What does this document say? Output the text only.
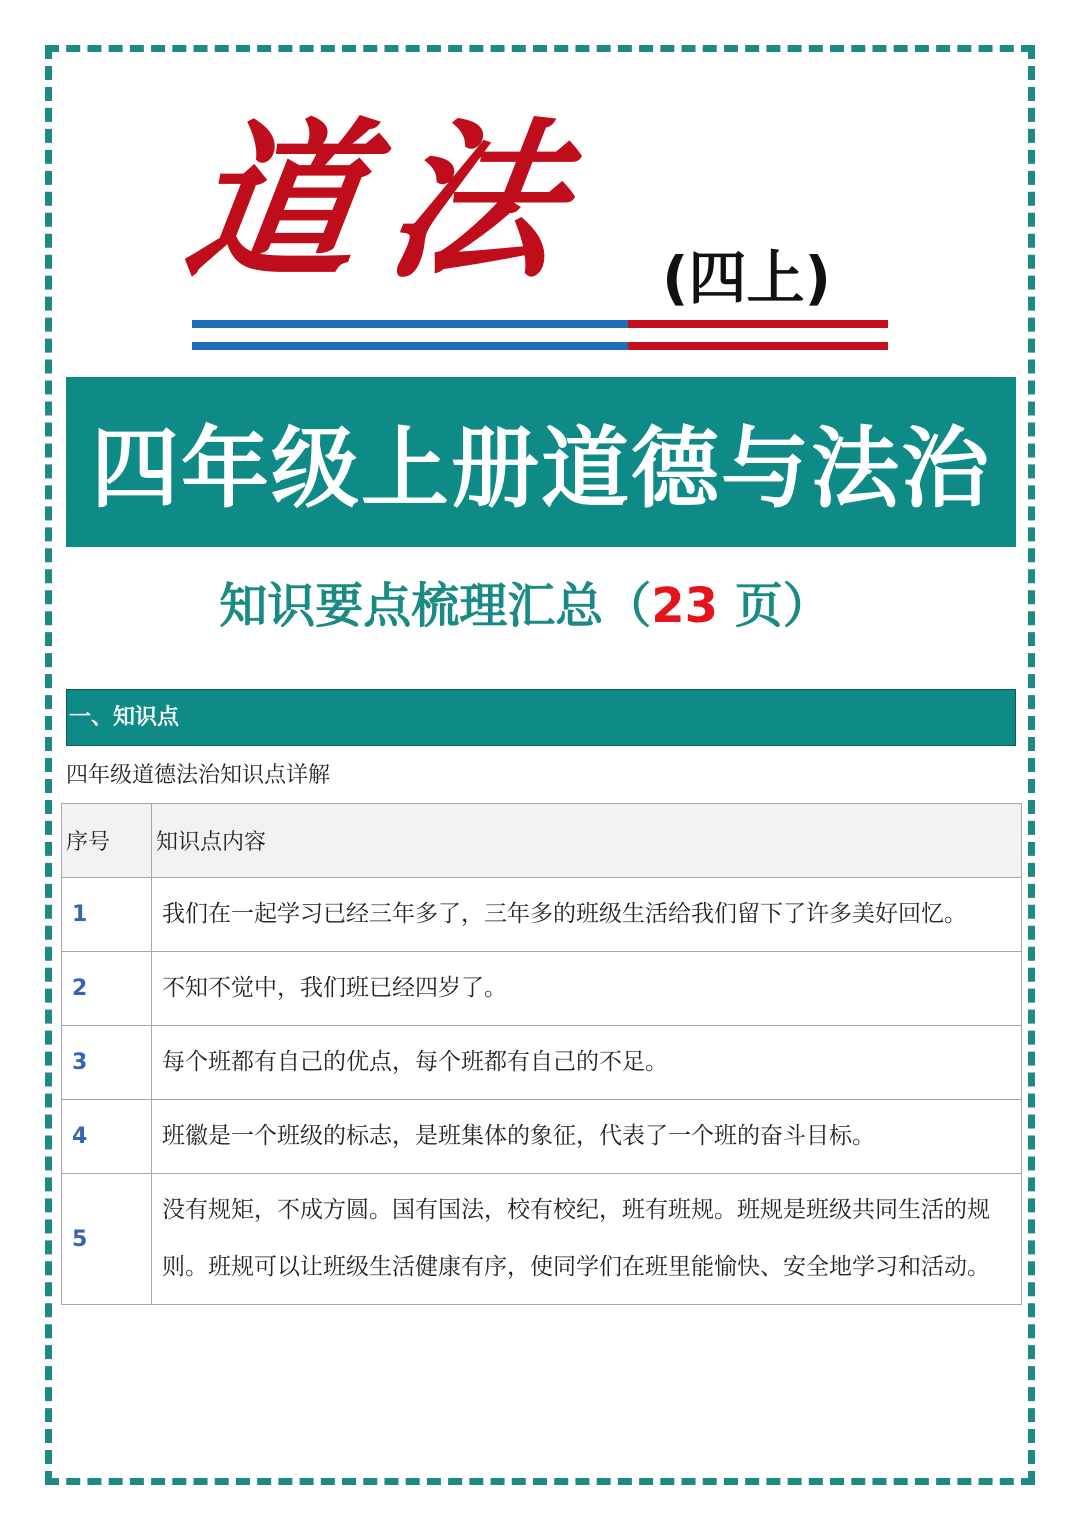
道法 (四上)
四年级上册道德与法治
知识要点梳理汇总（23 页）
一、知识点
四年级道德法治知识点详解
序号	知识点内容
1	我们在一起学习已经三年多了，三年多的班级生活给我们留下了许多美好回忆。
2	不知不觉中，我们班已经四岁了。
3	每个班都有自己的优点，每个班都有自己的不足。
4	班徽是一个班级的标志，是班集体的象征，代表了一个班的奋斗目标。
5	没有规矩，不成方圆。国有国法，校有校纪，班有班规。班规是班级共同生活的规则。班规可以让班级生活健康有序，使同学们在班里能愉快、安全地学习和活动。
